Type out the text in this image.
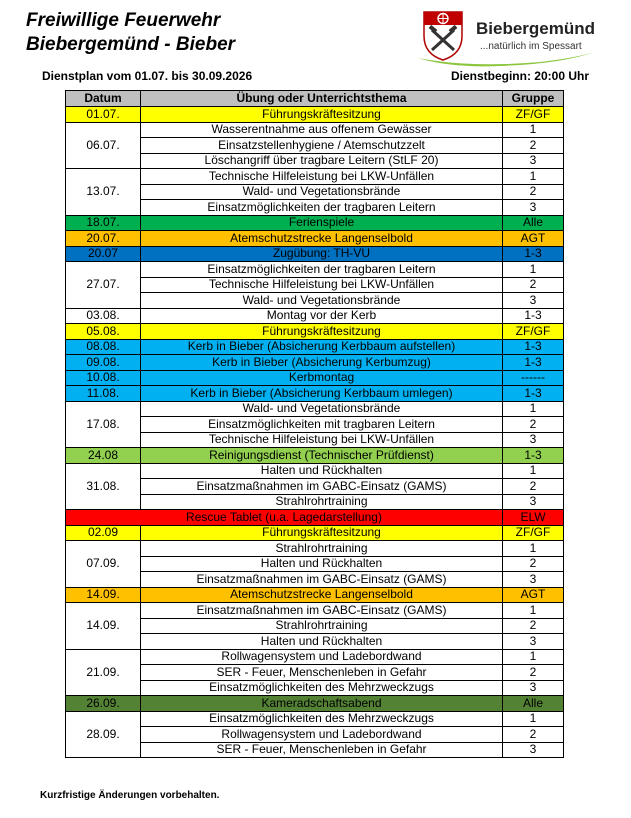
Freiwillige Feuerwehr
Biebergemünd - Bieber
Biebergemünd
...natürlich im Spessart
Dienstplan vom 01.07. bis 30.09.2026	Dienstbeginn: 20:00 Uhr
Datum	Übung oder Unterrichtsthema	Gruppe
01.07.	Führungskräftesitzung	ZF/GF
06.07.	Wasserentnahme aus offenem Gewässer	1
	Einsatzstellenhygiene / Atemschutzzelt	2
	Löschangriff über tragbare Leitern (StLF 20)	3
13.07.	Technische Hilfeleistung bei LKW-Unfällen	1
	Wald- und Vegetationsbrände	2
	Einsatzmöglichkeiten der tragbaren Leitern	3
18.07.	Ferienspiele	Alle
20.07.	Atemschutzstrecke Langenselbold	AGT
20.07	Zugübung: TH-VU	1-3
27.07.	Einsatzmöglichkeiten der tragbaren Leitern	1
	Technische Hilfeleistung bei LKW-Unfällen	2
	Wald- und Vegetationsbrände	3
03.08.	Montag vor der Kerb	1-3
05.08.	Führungskräftesitzung	ZF/GF
08.08.	Kerb in Bieber (Absicherung Kerbbaum aufstellen)	1-3
09.08.	Kerb in Bieber (Absicherung Kerbumzug)	1-3
10.08.	Kerbmontag	------
11.08.	Kerb in Bieber (Absicherung Kerbbaum umlegen)	1-3
17.08.	Wald- und Vegetationsbrände	1
	Einsatzmöglichkeiten mit tragbaren Leitern	2
	Technische Hilfeleistung bei LKW-Unfällen	3
24.08	Reinigungsdienst (Technischer Prüfdienst)	1-3
31.08.	Halten und Rückhalten	1
	Einsatzmaßnahmen im GABC-Einsatz (GAMS)	2
	Strahlrohrtraining	3
Rescue Tablet (u.a. Lagedarstellung)		ELW
02.09	Führungskräftesitzung	ZF/GF
07.09.	Strahlrohrtraining	1
	Halten und Rückhalten	2
	Einsatzmaßnahmen im GABC-Einsatz (GAMS)	3
14.09.	Atemschutzstrecke Langenselbold	AGT
14.09.	Einsatzmaßnahmen im GABC-Einsatz (GAMS)	1
	Strahlrohrtraining	2
	Halten und Rückhalten	3
21.09.	Rollwagensystem und Ladebordwand	1
	SER - Feuer, Menschenleben in Gefahr	2
	Einsatzmöglichkeiten des Mehrzweckzugs	3
26.09.	Kameradschaftsabend	Alle
28.09.	Einsatzmöglichkeiten des Mehrzweckzugs	1
	Rollwagensystem und Ladebordwand	2
	SER - Feuer, Menschenleben in Gefahr	3
Kurzfristige Änderungen vorbehalten.
